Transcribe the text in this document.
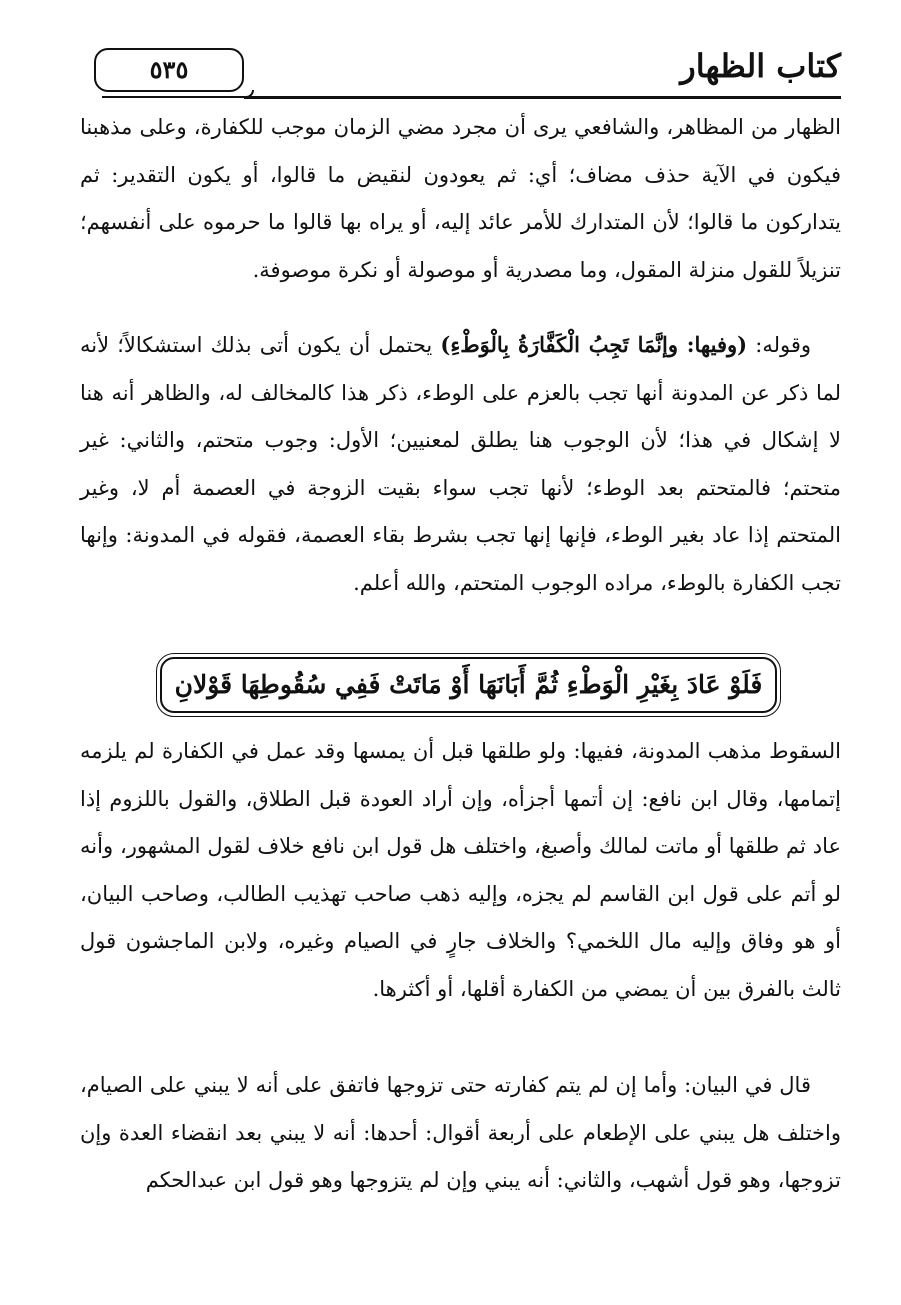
٥٣٥	كتاب الظهار

الظهار من المظاهر، والشافعي يرى أن مجرد مضي الزمان موجب للكفارة، وعلى مذهبنا فيكون في الآية حذف مضاف؛ أي: ثم يعودون لنقيض ما قالوا، أو يكون التقدير: ثم يتداركون ما قالوا؛ لأن المتدارك للأمر عائد إليه، أو يراه بها قالوا ما حرموه على أنفسهم؛ تنزيلاً للقول منزلة المقول، وما مصدرية أو موصولة أو نكرة موصوفة.

وقوله: (وفيها: وإنَّمَا تَجِبُ الْكَفَّارَةُ بِالْوَطْءِ) يحتمل أن يكون أتى بذلك استشكالاً؛ لأنه لما ذكر عن المدونة أنها تجب بالعزم على الوطء، ذكر هذا كالمخالف له، والظاهر أنه هنا لا إشكال في هذا؛ لأن الوجوب هنا يطلق لمعنيين؛ الأول: وجوب متحتم، والثاني: غير متحتم؛ فالمتحتم بعد الوطء؛ لأنها تجب سواء بقيت الزوجة في العصمة أم لا، وغير المتحتم إذا عاد بغير الوطء، فإنها إنها تجب بشرط بقاء العصمة، فقوله في المدونة: وإنها تجب الكفارة بالوطء، مراده الوجوب المتحتم، والله أعلم.

فَلَوْ عَادَ بِغَيْرِ الْوَطْءِ ثُمَّ أَبَانَهَا أَوْ مَاتَتْ فَفِي سُقُوطِهَا قَوْلانِ

السقوط مذهب المدونة، ففيها: ولو طلقها قبل أن يمسها وقد عمل في الكفارة لم يلزمه إتمامها، وقال ابن نافع: إن أتمها أجزأه، وإن أراد العودة قبل الطلاق، والقول باللزوم إذا عاد ثم طلقها أو ماتت لمالك وأصبغ، واختلف هل قول ابن نافع خلاف لقول المشهور، وأنه لو أتم على قول ابن القاسم لم يجزه، وإليه ذهب صاحب تهذيب الطالب، وصاحب البيان، أو هو وفاق وإليه مال اللخمي؟ والخلاف جارٍ في الصيام وغيره، ولابن الماجشون قول ثالث بالفرق بين أن يمضي من الكفارة أقلها، أو أكثرها.

قال في البيان: وأما إن لم يتم كفارته حتى تزوجها فاتفق على أنه لا يبني على الصيام، واختلف هل يبني على الإطعام على أربعة أقوال: أحدها: أنه لا يبني بعد انقضاء العدة وإن تزوجها، وهو قول أشهب، والثاني: أنه يبني وإن لم يتزوجها وهو قول ابن عبدالحكم
